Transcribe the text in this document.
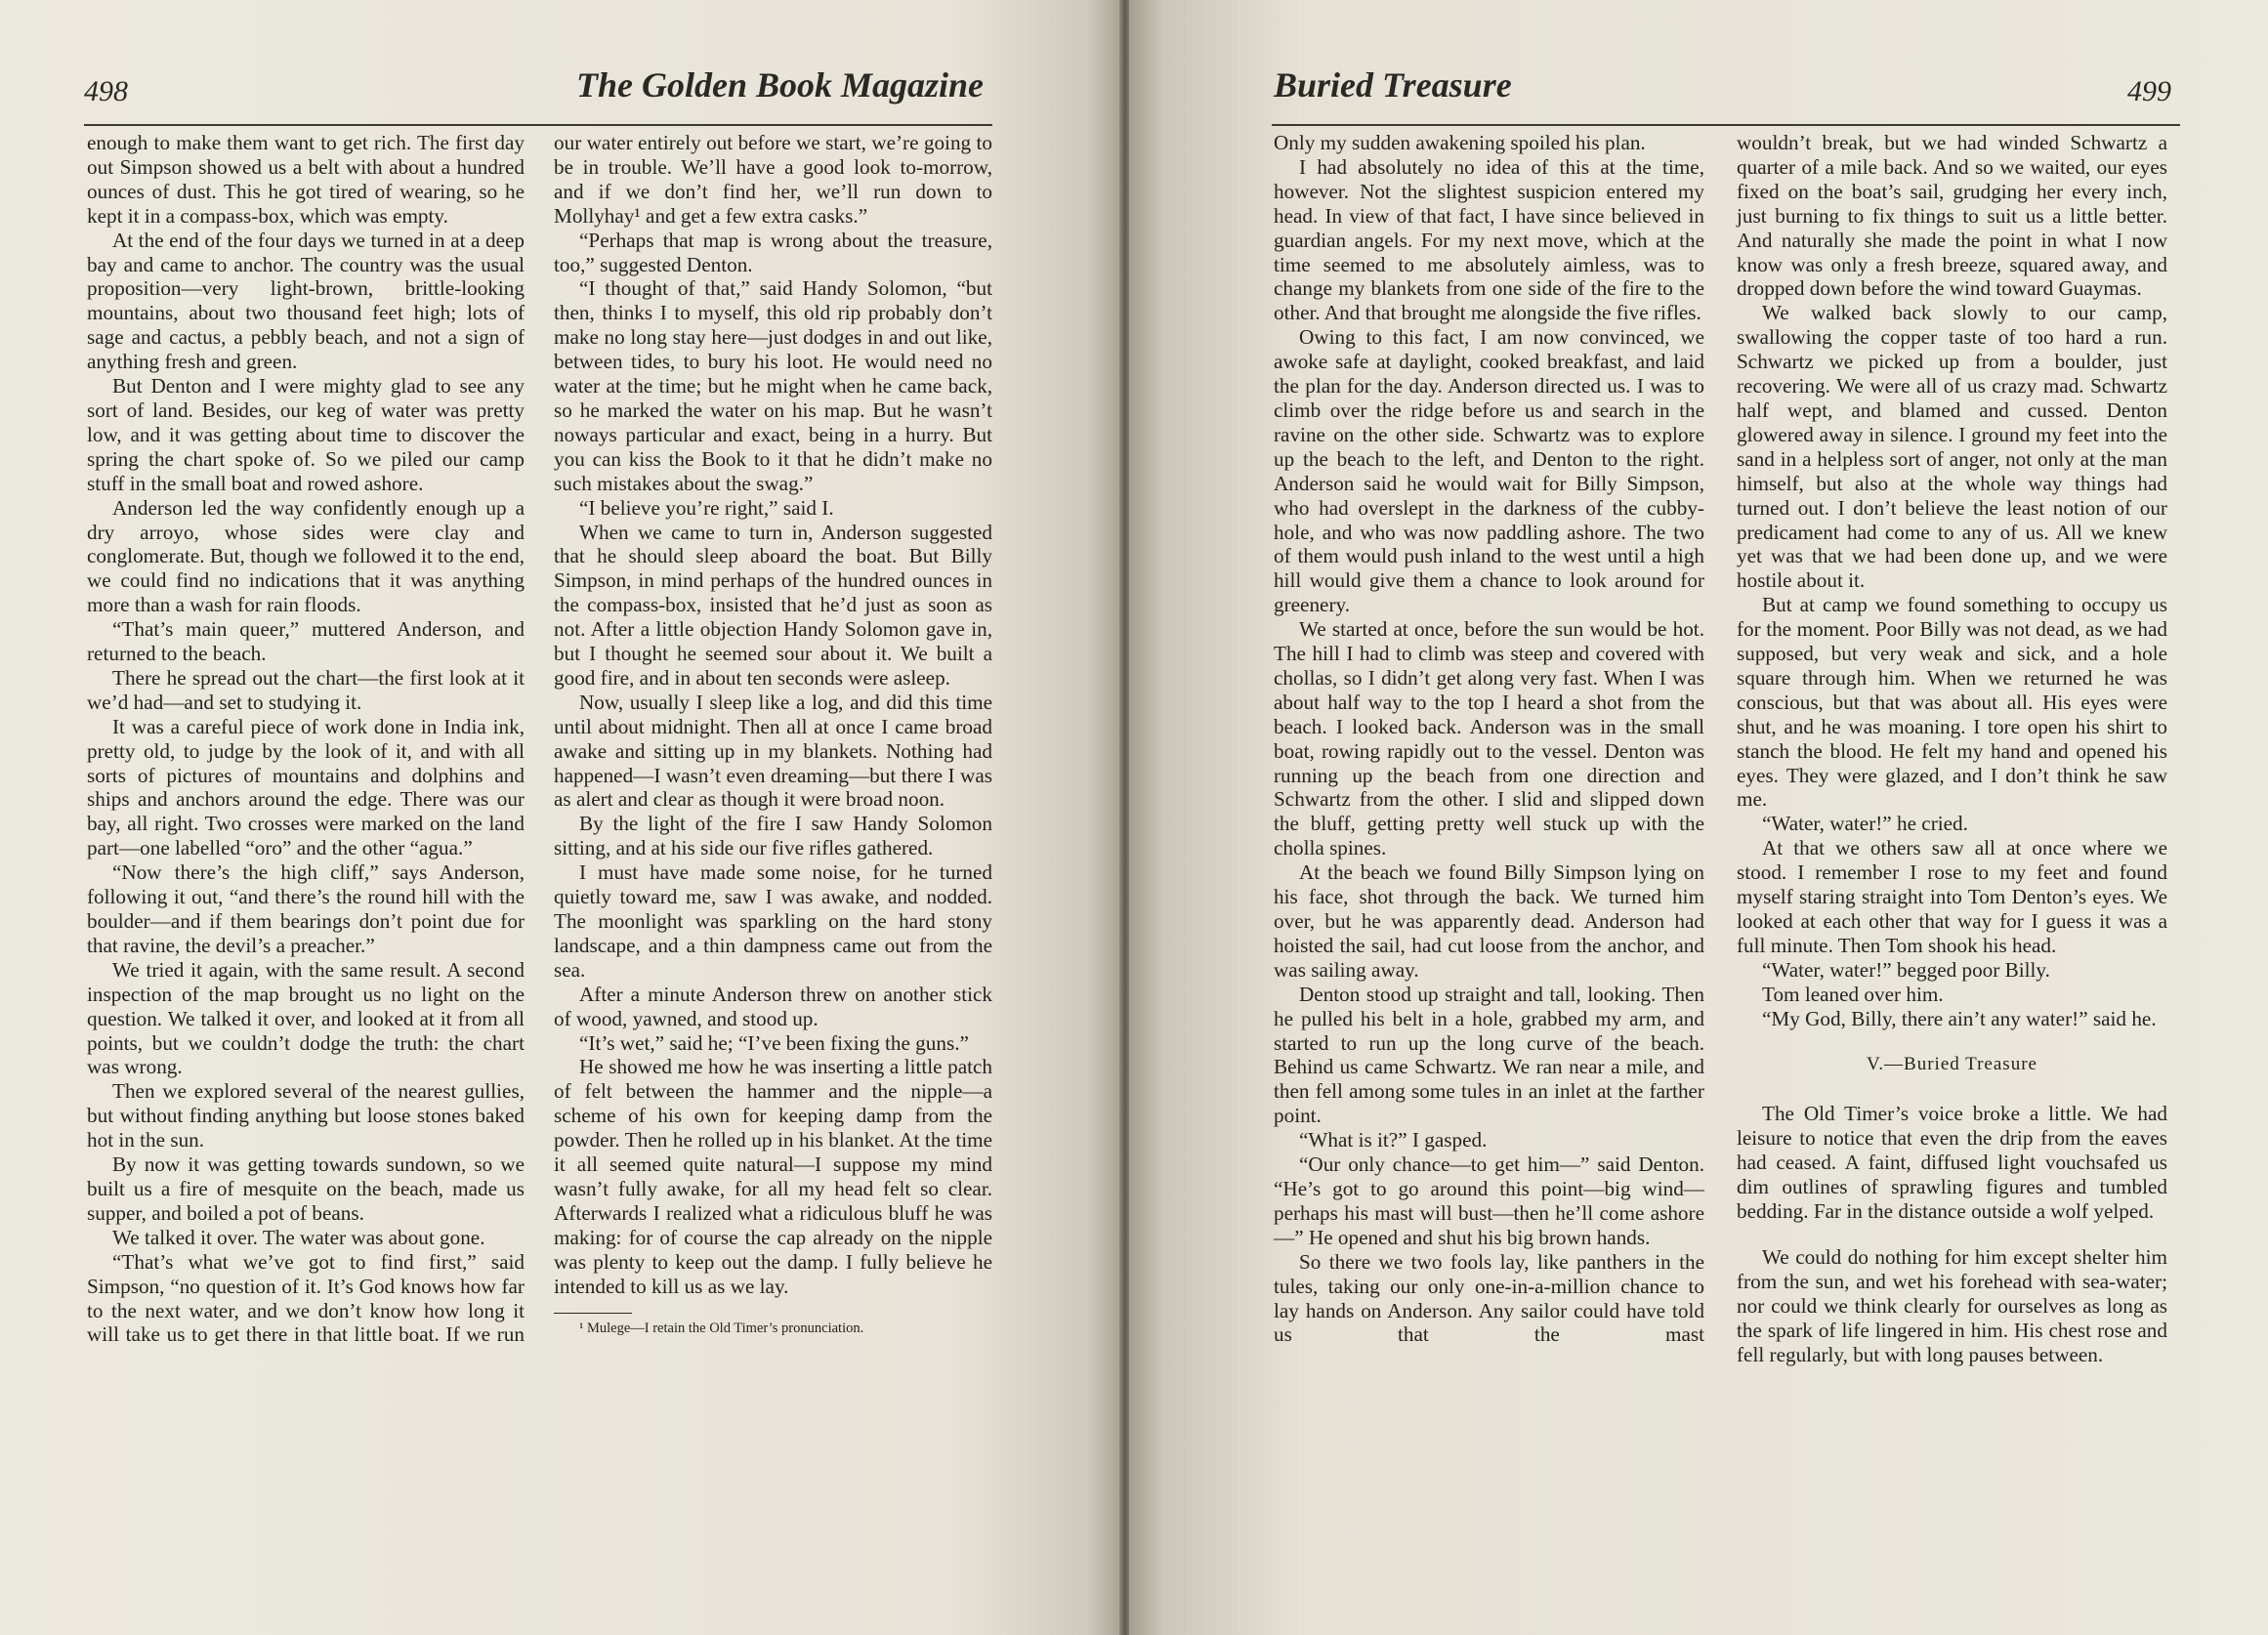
498	The Golden Book Magazine

enough to make them want to get rich. The first day out Simpson showed us a belt with about a hundred ounces of dust. This he got tired of wearing, so he kept it in a compass-box, which was empty.

At the end of the four days we turned in at a deep bay and came to anchor. The country was the usual proposition—very light-brown, brittle-looking mountains, about two thousand feet high; lots of sage and cactus, a pebbly beach, and not a sign of anything fresh and green.

But Denton and I were mighty glad to see any sort of land. Besides, our keg of water was pretty low, and it was getting about time to discover the spring the chart spoke of. So we piled our camp stuff in the small boat and rowed ashore.

Anderson led the way confidently enough up a dry arroyo, whose sides were clay and conglomerate. But, though we followed it to the end, we could find no indications that it was anything more than a wash for rain floods.

“That’s main queer,” muttered Anderson, and returned to the beach.

There he spread out the chart—the first look at it we’d had—and set to studying it.

It was a careful piece of work done in India ink, pretty old, to judge by the look of it, and with all sorts of pictures of mountains and dolphins and ships and anchors around the edge. There was our bay, all right. Two crosses were marked on the land part—one labelled “oro” and the other “agua.”

“Now there’s the high cliff,” says Anderson, following it out, “and there’s the round hill with the boulder—and if them bearings don’t point due for that ravine, the devil’s a preacher.”

We tried it again, with the same result. A second inspection of the map brought us no light on the question. We talked it over, and looked at it from all points, but we couldn’t dodge the truth: the chart was wrong.

Then we explored several of the nearest gullies, but without finding anything but loose stones baked hot in the sun.

By now it was getting towards sundown, so we built us a fire of mesquite on the beach, made us supper, and boiled a pot of beans.

We talked it over. The water was about gone.

“That’s what we’ve got to find first,” said Simpson, “no question of it. It’s God knows how far to the next water, and we don’t know how long it will take us to get there in that little boat. If we run

our water entirely out before we start, we’re going to be in trouble. We’ll have a good look to-morrow, and if we don’t find her, we’ll run down to Mollyhay¹ and get a few extra casks.”

“Perhaps that map is wrong about the treasure, too,” suggested Denton.

“I thought of that,” said Handy Solomon, “but then, thinks I to myself, this old rip probably don’t make no long stay here—just dodges in and out like, between tides, to bury his loot. He would need no water at the time; but he might when he came back, so he marked the water on his map. But he wasn’t noways particular and exact, being in a hurry. But you can kiss the Book to it that he didn’t make no such mistakes about the swag.”

“I believe you’re right,” said I.

When we came to turn in, Anderson suggested that he should sleep aboard the boat. But Billy Simpson, in mind perhaps of the hundred ounces in the compass-box, insisted that he’d just as soon as not. After a little objection Handy Solomon gave in, but I thought he seemed sour about it. We built a good fire, and in about ten seconds were asleep.

Now, usually I sleep like a log, and did this time until about midnight. Then all at once I came broad awake and sitting up in my blankets. Nothing had happened—I wasn’t even dreaming—but there I was as alert and clear as though it were broad noon.

By the light of the fire I saw Handy Solomon sitting, and at his side our five rifles gathered.

I must have made some noise, for he turned quietly toward me, saw I was awake, and nodded. The moonlight was sparkling on the hard stony landscape, and a thin dampness came out from the sea.

After a minute Anderson threw on another stick of wood, yawned, and stood up.

“It’s wet,” said he; “I’ve been fixing the guns.”

He showed me how he was inserting a little patch of felt between the hammer and the nipple—a scheme of his own for keeping damp from the powder. Then he rolled up in his blanket. At the time it all seemed quite natural—I suppose my mind wasn’t fully awake, for all my head felt so clear. Afterwards I realized what a ridiculous bluff he was making: for of course the cap already on the nipple was plenty to keep out the damp. I fully believe he intended to kill us as we lay.

¹ Mulege—I retain the Old Timer’s pronunciation.

Buried Treasure	499

Only my sudden awakening spoiled his plan.

I had absolutely no idea of this at the time, however. Not the slightest suspicion entered my head. In view of that fact, I have since believed in guardian angels. For my next move, which at the time seemed to me absolutely aimless, was to change my blankets from one side of the fire to the other. And that brought me alongside the five rifles.

Owing to this fact, I am now convinced, we awoke safe at daylight, cooked breakfast, and laid the plan for the day. Anderson directed us. I was to climb over the ridge before us and search in the ravine on the other side. Schwartz was to explore up the beach to the left, and Denton to the right. Anderson said he would wait for Billy Simpson, who had overslept in the darkness of the cubby-hole, and who was now paddling ashore. The two of them would push inland to the west until a high hill would give them a chance to look around for greenery.

We started at once, before the sun would be hot. The hill I had to climb was steep and covered with chollas, so I didn’t get along very fast. When I was about half way to the top I heard a shot from the beach. I looked back. Anderson was in the small boat, rowing rapidly out to the vessel. Denton was running up the beach from one direction and Schwartz from the other. I slid and slipped down the bluff, getting pretty well stuck up with the cholla spines.

At the beach we found Billy Simpson lying on his face, shot through the back. We turned him over, but he was apparently dead. Anderson had hoisted the sail, had cut loose from the anchor, and was sailing away.

Denton stood up straight and tall, looking. Then he pulled his belt in a hole, grabbed my arm, and started to run up the long curve of the beach. Behind us came Schwartz. We ran near a mile, and then fell among some tules in an inlet at the farther point.

“What is it?” I gasped.

“Our only chance—to get him—” said Denton. “He’s got to go around this point—big wind—perhaps his mast will bust—then he’ll come ashore—” He opened and shut his big brown hands.

So there we two fools lay, like panthers in the tules, taking our only one-in-a-million chance to lay hands on Anderson. Any sailor could have told us that the mast

wouldn’t break, but we had winded Schwartz a quarter of a mile back. And so we waited, our eyes fixed on the boat’s sail, grudging her every inch, just burning to fix things to suit us a little better. And naturally she made the point in what I now know was only a fresh breeze, squared away, and dropped down before the wind toward Guaymas.

We walked back slowly to our camp, swallowing the copper taste of too hard a run. Schwartz we picked up from a boulder, just recovering. We were all of us crazy mad. Schwartz half wept, and blamed and cussed. Denton glowered away in silence. I ground my feet into the sand in a helpless sort of anger, not only at the man himself, but also at the whole way things had turned out. I don’t believe the least notion of our predicament had come to any of us. All we knew yet was that we had been done up, and we were hostile about it.

But at camp we found something to occupy us for the moment. Poor Billy was not dead, as we had supposed, but very weak and sick, and a hole square through him. When we returned he was conscious, but that was about all. His eyes were shut, and he was moaning. I tore open his shirt to stanch the blood. He felt my hand and opened his eyes. They were glazed, and I don’t think he saw me.

“Water, water!” he cried.

At that we others saw all at once where we stood. I remember I rose to my feet and found myself staring straight into Tom Denton’s eyes. We looked at each other that way for I guess it was a full minute. Then Tom shook his head.

“Water, water!” begged poor Billy.

Tom leaned over him.

“My God, Billy, there ain’t any water!” said he.

V.—Buried Treasure

The Old Timer’s voice broke a little. We had leisure to notice that even the drip from the eaves had ceased. A faint, diffused light vouchsafed us dim outlines of sprawling figures and tumbled bedding. Far in the distance outside a wolf yelped.

We could do nothing for him except shelter him from the sun, and wet his forehead with sea-water; nor could we think clearly for ourselves as long as the spark of life lingered in him. His chest rose and fell regularly, but with long pauses between.
